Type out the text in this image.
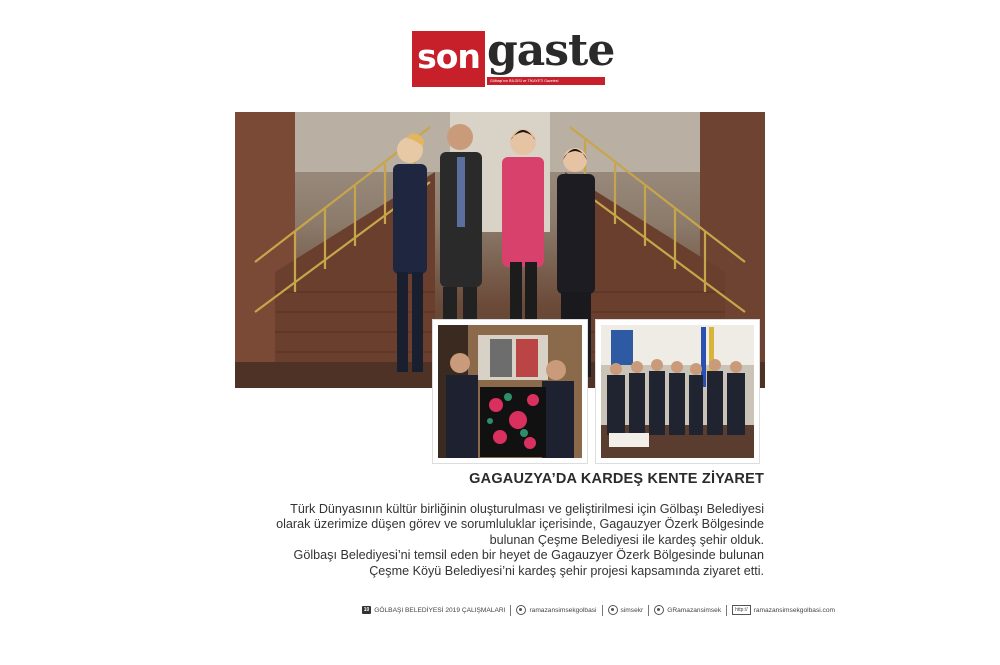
son gaste
Gölbaşı’nın BİLGİSİ ve TİKAYETİ Gazetesi
GAGAUZYA’DA KARDEŞ KENTE ZİYARET

Türk Dünyasının kültür birliğinin oluşturulması ve geliştirilmesi için Gölbaşı Belediyesi

olarak üzerimize düşen görev ve sorumluluklar içerisinde, Gagauzyer Özerk Bölgesinde

bulunan Çeşme Belediyesi ile kardeş şehir olduk.

Gölbaşı Belediyesi’ni temsil eden bir heyet de Gagauzyer Özerk Bölgesinde bulunan

Çeşme Köyü Belediyesi’ni kardeş şehir projesi kapsamında ziyaret etti.

10 GÖLBAŞI BELEDİYESİ 2019 ÇALIŞMALARI	ramazansimsekgolbasi	simsekr	GRamazansimsek	http:// ramazansimsekgolbasi.com
